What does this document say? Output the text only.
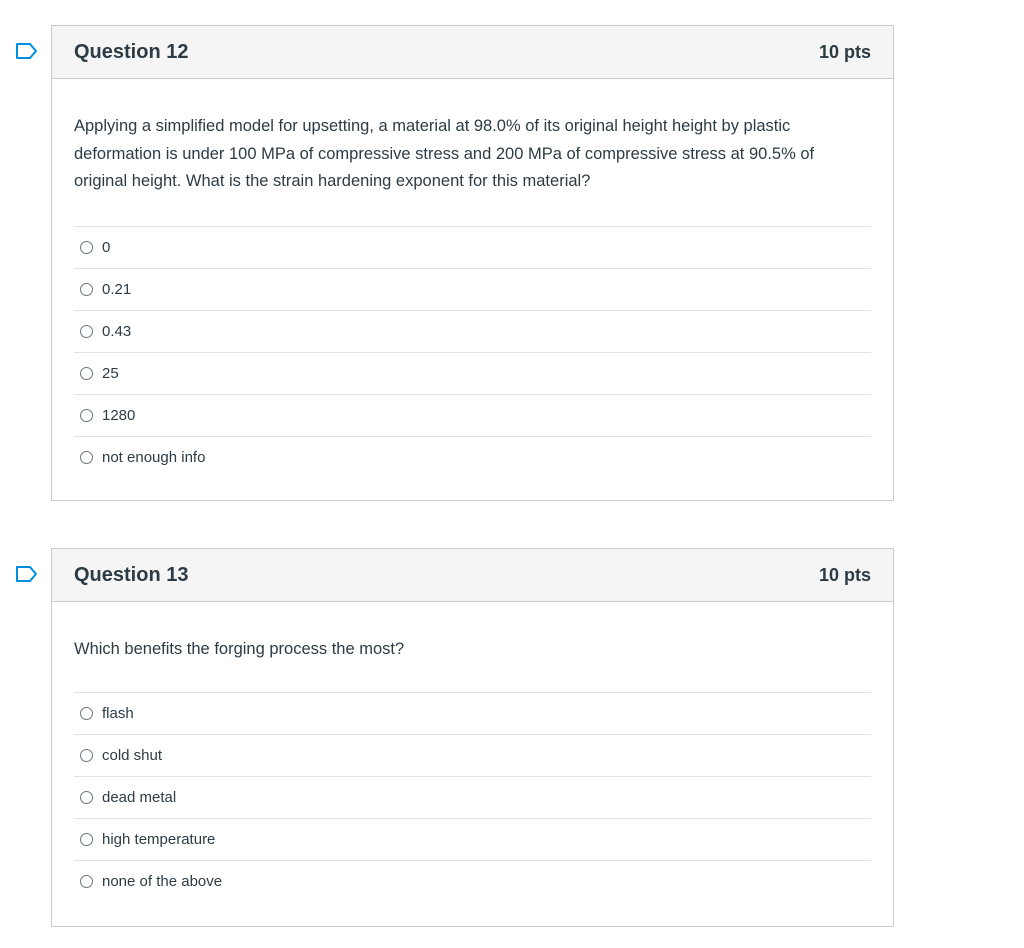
Question 12	10 pts

Applying a simplified model for upsetting, a material at 98.0% of its original height height by plastic deformation is under 100 MPa of compressive stress and 200 MPa of compressive stress at 90.5% of original height. What is the strain hardening exponent for this material?

0
0.21
0.43
25
1280
not enough info
Question 13	10 pts

Which benefits the forging process the most?

flash
cold shut
dead metal
high temperature
none of the above
